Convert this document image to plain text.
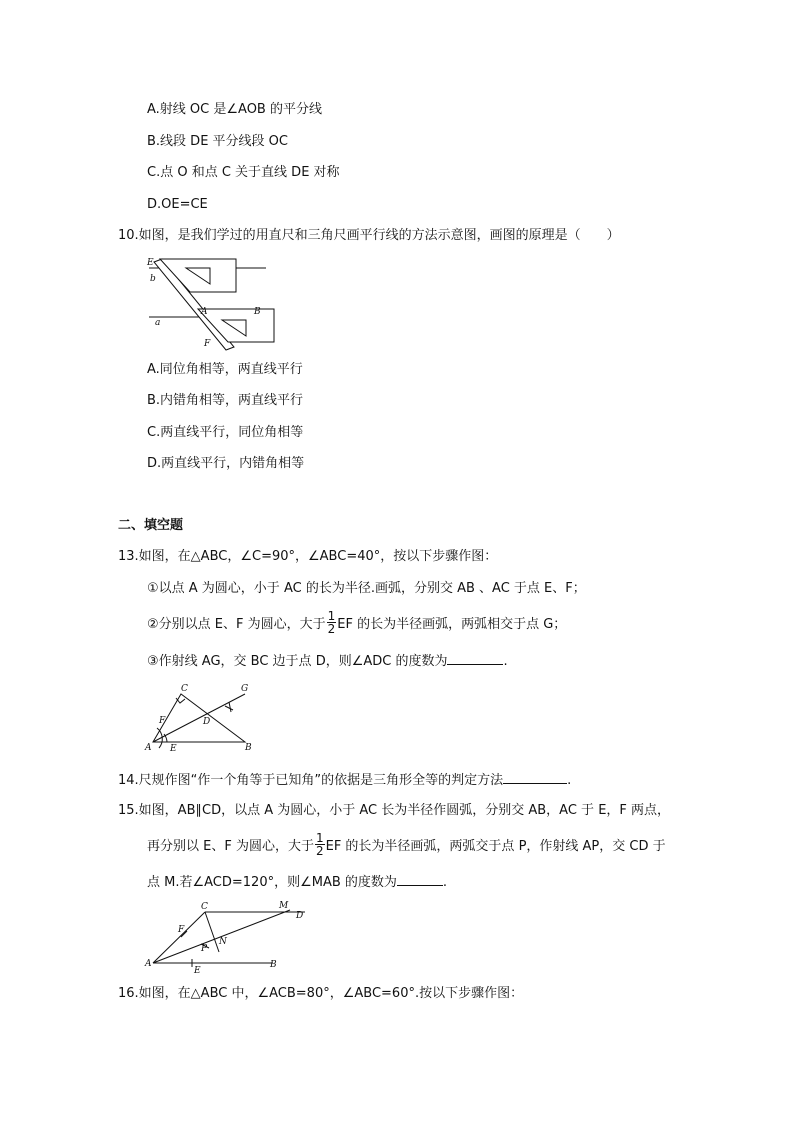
A.射线 OC 是∠AOB 的平分线
B.线段 DE 平分线段 OC
C.点 O 和点 C 关于直线 DE 对称
D.OE=CE
10.如图，是我们学过的用直尺和三角尺画平行线的方法示意图，画图的原理是（　　）
E
b
a
A	B
F
A.同位角相等，两直线平行
B.内错角相等，两直线平行
C.两直线平行，同位角相等
D.两直线平行，内错角相等
二、填空题
13.如图，在△ABC，∠C=90°，∠ABC=40°，按以下步骤作图：
①以点 A 为圆心，小于 AC 的长为半径.画弧，分别交 AB 、AC 于点 E、F；
②分别以点 E、F 为圆心，大于 $\frac{1}{2}$ EF 的长为半径画弧，两弧相交于点 G；
③作射线 AG，交 BC 边于点 D，则∠ADC 的度数为	.
C	G
F	D
A E	B
14.尺规作图“作一个角等于已知角”的依据是三角形全等的判定方法	.
15.如图，AB∥CD，以点 A 为圆心，小于 AC 长为半径作圆弧，分别交 AB，AC 于 E，F 两点，
再分别以 E、F 为圆心，大于 $\frac{1}{2}$ EF 的长为半径画弧，两弧交于点 P，作射线 AP，交 CD 于
点 M.若∠ACD=120°，则∠MAB 的度数为	.
C	M
D
F
P
N
A
E
B
16.如图，在△ABC 中，∠ACB=80°，∠ABC=60°.按以下步骤作图：
